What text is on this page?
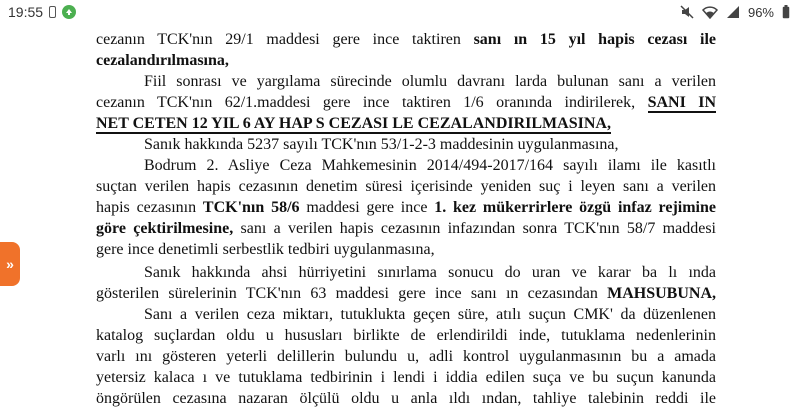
19:55	96%
cezanın TCK'nın 29/1 maddesi gere ince taktiren sanı ın 15 yıl hapis cezası ile
cezalandırılmasına,
Fiil sonrası ve yargılama sürecinde olumlu davranı larda bulunan sanı a verilen
cezanın TCK'nın 62/1.maddesi gere ince taktiren 1/6 oranında indirilerek, SANI IN
NET CETEN 12 YIL 6 AY HAP S CEZASI LE CEZALANDIRILMASINA,
Sanık hakkında 5237 sayılı TCK'nın 53/1-2-3 maddesinin uygulanmasına,
Bodrum 2. Asliye Ceza Mahkemesinin 2014/494-2017/164 sayılı ilamı ile kasıtlı
suçtan verilen hapis cezasının denetim süresi içerisinde yeniden suç i leyen sanı a verilen
hapis cezasının TCK'nın 58/6 maddesi gere ince 1. kez mükerrirlere özgü infaz rejimine
göre çektirilmesine, sanı a verilen hapis cezasının infazından sonra TCK'nın 58/7 maddesi
gere ince denetimli serbestlik tedbiri uygulanmasına,
Sanık hakkında ahsi hürriyetini sınırlama sonucu do uran ve karar ba lı ında
gösterilen sürelerinin TCK'nın 63 maddesi gere ince sanı ın cezasından MAHSUBUNA,
Sanı a verilen ceza miktarı, tutuklukta geçen süre, atılı suçun CMK' da düzenlenen
katalog suçlardan oldu u hususları birlikte de erlendirildi inde, tutuklama nedenlerinin
varlı ını gösteren yeterli delillerin bulundu u, adli kontrol uygulanmasının bu a amada
yetersiz kalaca ı ve tutuklama tedbirinin i lendi i iddia edilen suça ve bu suçun kanunda
öngörülen cezasına nazaran ölçülü oldu u anla ıldı ından, tahliye talebinin reddi ile
»
